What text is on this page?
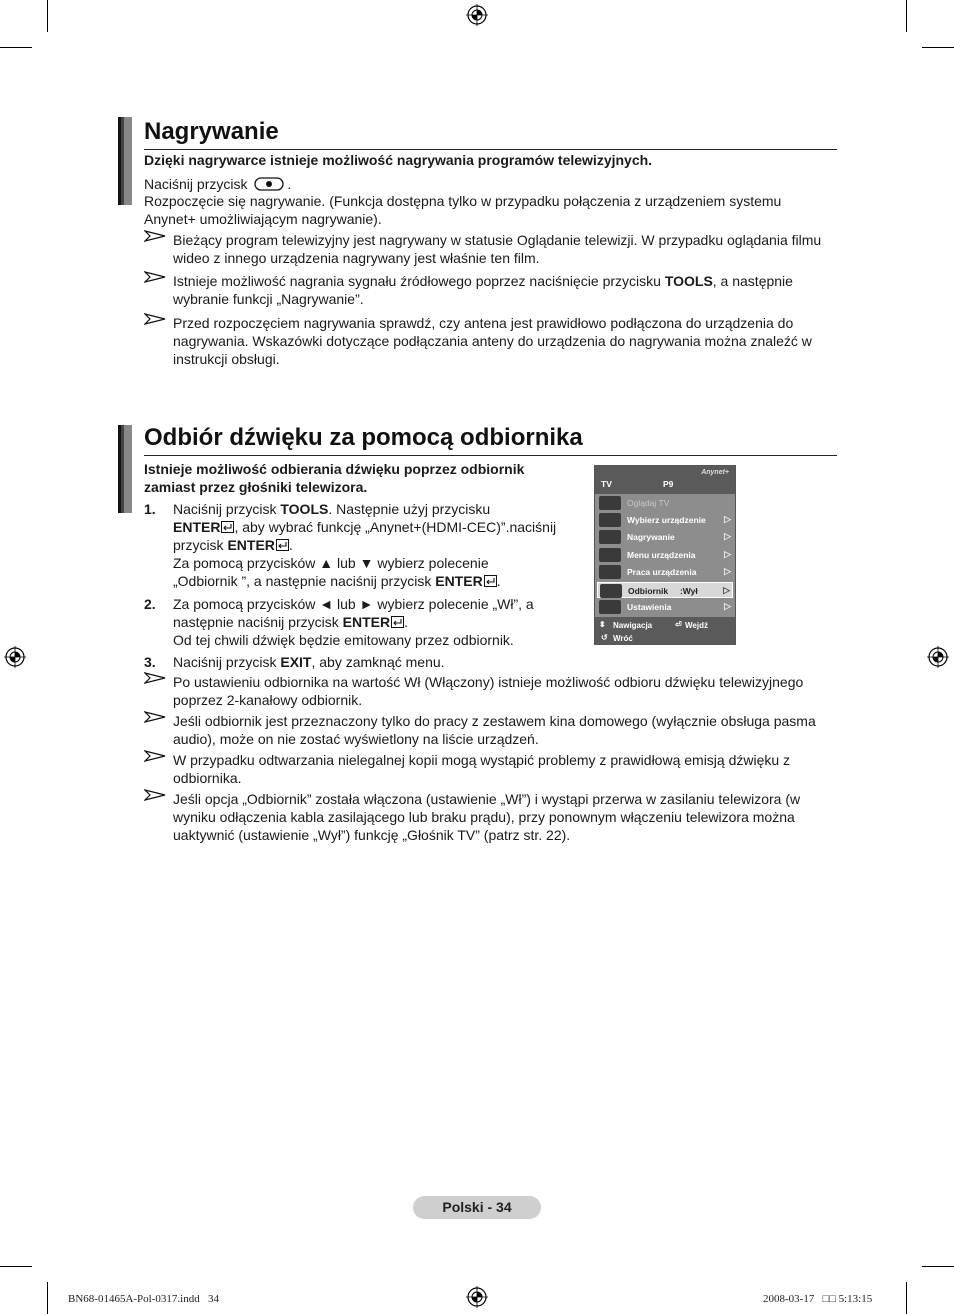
Nagrywanie
Dzięki nagrywarce istnieje możliwość nagrywania programów telewizyjnych.
Naciśnij przycisk	.
Rozpoczęcie się nagrywanie. (Funkcja dostępna tylko w przypadku połączenia z urządzeniem systemu Anynet+ umożliwiającym nagrywanie).
Bieżący program telewizyjny jest nagrywany w statusie Oglądanie telewizji. W przypadku oglądania filmu wideo z innego urządzenia nagrywany jest właśnie ten film.
Istnieje możliwość nagrania sygnału źródłowego poprzez naciśnięcie przycisku TOOLS, a następnie
wybranie funkcji „Nagrywanie”.
Przed rozpoczęciem nagrywania sprawdź, czy antena jest prawidłowo podłączona do urządzenia do nagrywania. Wskazówki dotyczące podłączania anteny do urządzenia do nagrywania można znaleźć w instrukcji obsługi.
Odbiór dźwięku za pomocą odbiornika
Istnieje możliwość odbierania dźwięku poprzez odbiornik
zamiast przez głośniki telewizora.
1. Naciśnij przycisk TOOLS. Następnie użyj przycisku
ENTER , aby wybrać funkcję „Anynet+(HDMI-CEC)”.naciśnij
przycisk ENTER .
Za pomocą przycisków ▲ lub ▼ wybierz polecenie
„Odbiornik ”, a następnie naciśnij przycisk ENTER .
2. Za pomocą przycisków ◄ lub ► wybierz polecenie „Wł”, a
następnie naciśnij przycisk ENTER .
Od tej chwili dźwięk będzie emitowany przez odbiornik.
3. Naciśnij przycisk EXIT, aby zamknąć menu.
Po ustawieniu odbiornika na wartość Wł (Włączony) istnieje możliwość odbioru dźwięku telewizyjnego poprzez 2-kanałowy odbiornik.
Jeśli odbiornik jest przeznaczony tylko do pracy z zestawem kina domowego (wyłącznie obsługa pasma audio), może on nie zostać wyświetlony na liście urządzeń.
W przypadku odtwarzania nielegalnej kopii mogą wystąpić problemy z prawidłową emisją dźwięku z odbiornika.
Jeśli opcja „Odbiornik” została włączona (ustawienie „Wł”) i wystąpi przerwa w zasilaniu telewizora (w wyniku odłączenia kabla zasilającego lub braku prądu), przy ponownym włączeniu telewizora można uaktywnić (ustawienie „Wył”) funkcję „Głośnik TV” (patrz str. 22).
Anynet+
TV	P9
Oglądaj TV
Wybierz urządzenie ▷
Nagrywanie	▷
Menu urządzenia	▷
Praca urządzenia	▷
Odbiornik     :Wył	▷
Ustawienia	▷
⬍ Nawigacja	⏎ Wejdź
↺ Wróć
Polski - 34
BN68-01465A-Pol-0317.indd   34	2008-03-17   □□ 5:13:15
